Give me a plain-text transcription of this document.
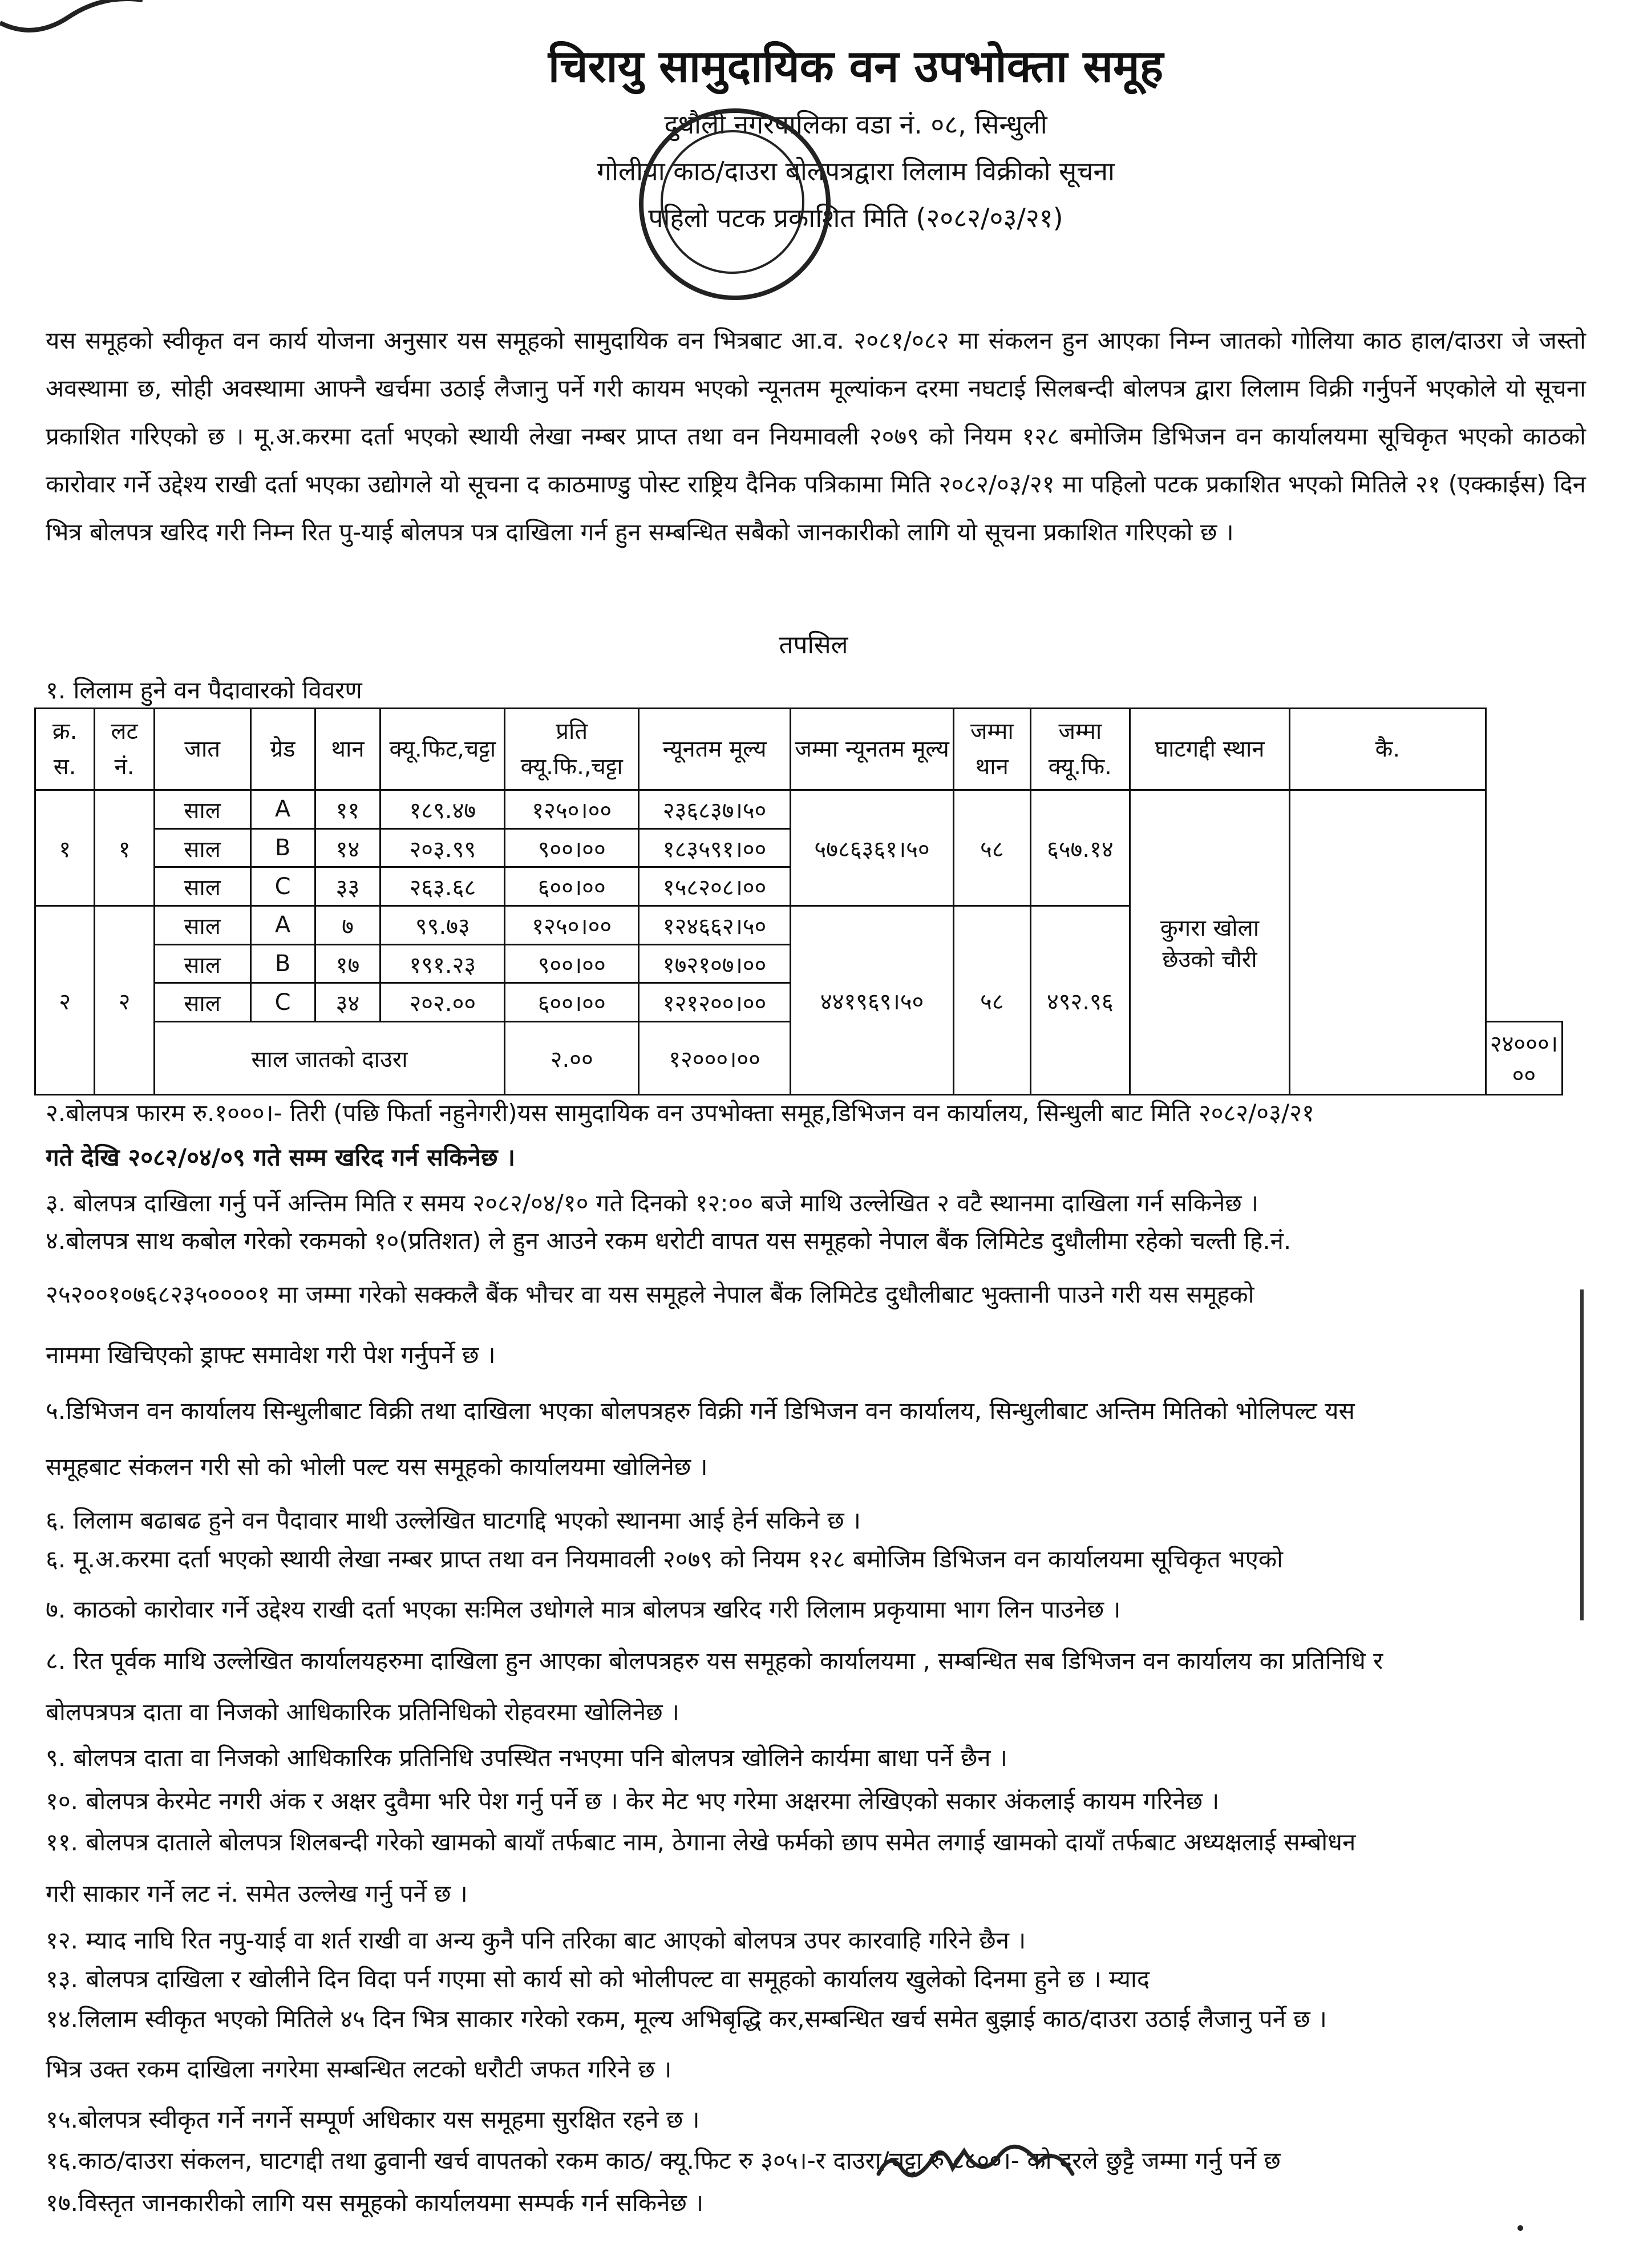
चिरायु सामुदायिक वन उपभोक्ता समूह
दुधौली नगरपालिका वडा नं. ०८, सिन्धुली
गोलीया काठ/दाउरा बोलपत्रद्वारा लिलाम विक्रीको सूचना
पहिलो पटक प्रकाशित मिति (२०८२/०३/२१)
यस समूहको स्वीकृत वन कार्य योजना अनुसार यस समूहको सामुदायिक वन भित्रबाट आ.व. २०८१/०८२ मा संकलन हुन आएका निम्न जातको गोलिया काठ हाल/दाउरा जे जस्तो अवस्थामा छ, सोही अवस्थामा आफ्नै खर्चमा उठाई लैजानु पर्ने गरी कायम भएको न्यूनतम मूल्यांकन दरमा नघटाई सिलबन्दी बोलपत्र द्वारा लिलाम विक्री गर्नुपर्ने भएकोले यो सूचना प्रकाशित गरिएको छ । मू.अ.करमा दर्ता भएको स्थायी लेखा नम्बर प्राप्त तथा वन नियमावली २०७९ को नियम १२८ बमोजिम डिभिजन वन कार्यालयमा सूचिकृत भएको काठको कारोवार गर्ने उद्देश्य राखी दर्ता भएका उद्योगले यो सूचना द काठमाण्डु पोस्ट राष्ट्रिय दैनिक पत्रिकामा मिति २०८२/०३/२१ मा पहिलो पटक प्रकाशित भएको मितिले २१ (एक्काईस) दिन भित्र बोलपत्र खरिद गरी निम्न रित पु-याई बोलपत्र पत्र दाखिला गर्न हुन सम्बन्धित सबैको जानकारीको लागि यो सूचना प्रकाशित गरिएको छ ।
तपसिल
१. लिलाम हुने वन पैदावारको विवरण
क्र. स.	लट नं.	जात	ग्रेड	थान	क्यू.फिट,चट्टा	प्रति क्यू.फि.,चट्टा	न्यूनतम मूल्य	जम्मा न्यूनतम मूल्य	जम्मा थान	जम्मा क्यू.फि.	घाटगद्दी स्थान	कै.	
१	१	साल	A	११	१८९.४७	१२५०।००	२३६८३७।५०	५७८६३६१।५०	५८	६५७.१४	कुगरा खोला छेउको चौरी		
		साल	B	१४	२०३.९९	९००।००	१८३५९१।००						
		साल	C	३३	२६३.६८	६००।००	१५८२०८।००						
२	२	साल	A	७	९९.७३	१२५०।००	१२४६६२।५०	४४१९६९।५०	५८	४९२.९६			
		साल	B	१७	१९१.२३	९००।००	१७२१०७।००						
		साल	C	३४	२०२.००	६००।००	१२१२००।००						
		साल जातको दाउरा				२.००	१२०००।००						२४०००।००

२.बोलपत्र फारम रु.१०००।- तिरी (पछि फिर्ता नहुनेगरी)यस सामुदायिक वन उपभोक्ता समूह,डिभिजन वन कार्यालय, सिन्धुली बाट मिति २०८२/०३/२१

गते देखि २०८२/०४/०९ गते सम्म खरिद गर्न सकिनेछ ।

३. बोलपत्र दाखिला गर्नु पर्ने अन्तिम मिति र समय २०८२/०४/१० गते दिनको १२:०० बजे माथि उल्लेखित २ वटै स्थानमा दाखिला गर्न सकिनेछ ।

४.बोलपत्र साथ कबोल गरेको रकमको १०(प्रतिशत) ले हुन आउने रकम धरोटी वापत यस समूहको नेपाल बैंक लिमिटेड दुधौलीमा रहेको चल्ती हि.नं.

२५२००१०७६८२३५००००१ मा जम्मा गरेको सक्कलै बैंक भौचर वा यस समूहले नेपाल बैंक लिमिटेड दुधौलीबाट भुक्तानी पाउने गरी यस समूहको

नाममा खिचिएको ड्राफ्ट समावेश गरी पेश गर्नुपर्ने छ ।

५.डिभिजन वन कार्यालय सिन्धुलीबाट विक्री तथा दाखिला भएका बोलपत्रहरु विक्री गर्ने डिभिजन वन कार्यालय, सिन्धुलीबाट अन्तिम मितिको भोलिपल्ट यस

समूहबाट संकलन गरी सो को भोली पल्ट यस समूहको कार्यालयमा खोलिनेछ ।

६. लिलाम बढाबढ हुने वन पैदावार माथी उल्लेखित घाटगद्दि भएको स्थानमा आई हेर्न सकिने छ ।

६. मू.अ.करमा दर्ता भएको स्थायी लेखा नम्बर प्राप्त तथा वन नियमावली २०७९ को नियम १२८ बमोजिम डिभिजन वन कार्यालयमा सूचिकृत भएको

७. काठको कारोवार गर्ने उद्देश्य राखी दर्ता भएका सःमिल उधोगले मात्र बोलपत्र खरिद गरी लिलाम प्रकृयामा भाग लिन पाउनेछ ।

८. रित पूर्वक माथि उल्लेखित कार्यालयहरुमा दाखिला हुन आएका बोलपत्रहरु यस समूहको कार्यालयमा , सम्बन्धित सब डिभिजन वन कार्यालय का प्रतिनिधि र

बोलपत्रपत्र दाता वा निजको आधिकारिक प्रतिनिधिको रोहवरमा खोलिनेछ ।

९. बोलपत्र दाता वा निजको आधिकारिक प्रतिनिधि उपस्थित नभएमा पनि बोलपत्र खोलिने कार्यमा बाधा पर्ने छैन ।

१०. बोलपत्र केरमेट नगरी अंक र अक्षर दुवैमा भरि पेश गर्नु पर्ने छ । केर मेट भए गरेमा अक्षरमा लेखिएको सकार अंकलाई कायम गरिनेछ ।

११. बोलपत्र दाताले बोलपत्र शिलबन्दी गरेको खामको बायाँ तर्फबाट नाम, ठेगाना लेखे फर्मको छाप समेत लगाई खामको दायाँ तर्फबाट अध्यक्षलाई सम्बोधन

गरी साकार गर्ने लट नं. समेत उल्लेख गर्नु पर्ने छ ।

१२. म्याद नाघि रित नपु-याई वा शर्त राखी वा अन्य कुनै पनि तरिका बाट आएको बोलपत्र उपर कारवाहि गरिने छैन ।

१३. बोलपत्र दाखिला र खोलीने दिन विदा पर्न गएमा सो कार्य सो को भोलीपल्ट वा समूहको कार्यालय खुलेको दिनमा हुने छ । म्याद

१४.लिलाम स्वीकृत भएको मितिले ४५ दिन भित्र साकार गरेको रकम, मूल्य अभिबृद्धि कर,सम्बन्धित खर्च समेत बुझाई काठ/दाउरा उठाई लैजानु पर्ने छ ।

भित्र उक्त रकम दाखिला नगरेमा सम्बन्धित लटको धरौटी जफत गरिने छ ।

१५.बोलपत्र स्वीकृत गर्ने नगर्ने सम्पूर्ण अधिकार यस समूहमा सुरक्षित रहने छ ।

१६.काठ/दाउरा संकलन, घाटगद्दी तथा ढुवानी खर्च वापतको रकम काठ/ क्यू.फिट रु ३०५।-र दाउरा/चट्टा रु ८८००।- को दरले छुट्टै जम्मा गर्नु पर्ने छ

१७.विस्तृत जानकारीको लागि यस समूहको कार्यालयमा सम्पर्क गर्न सकिनेछ ।
